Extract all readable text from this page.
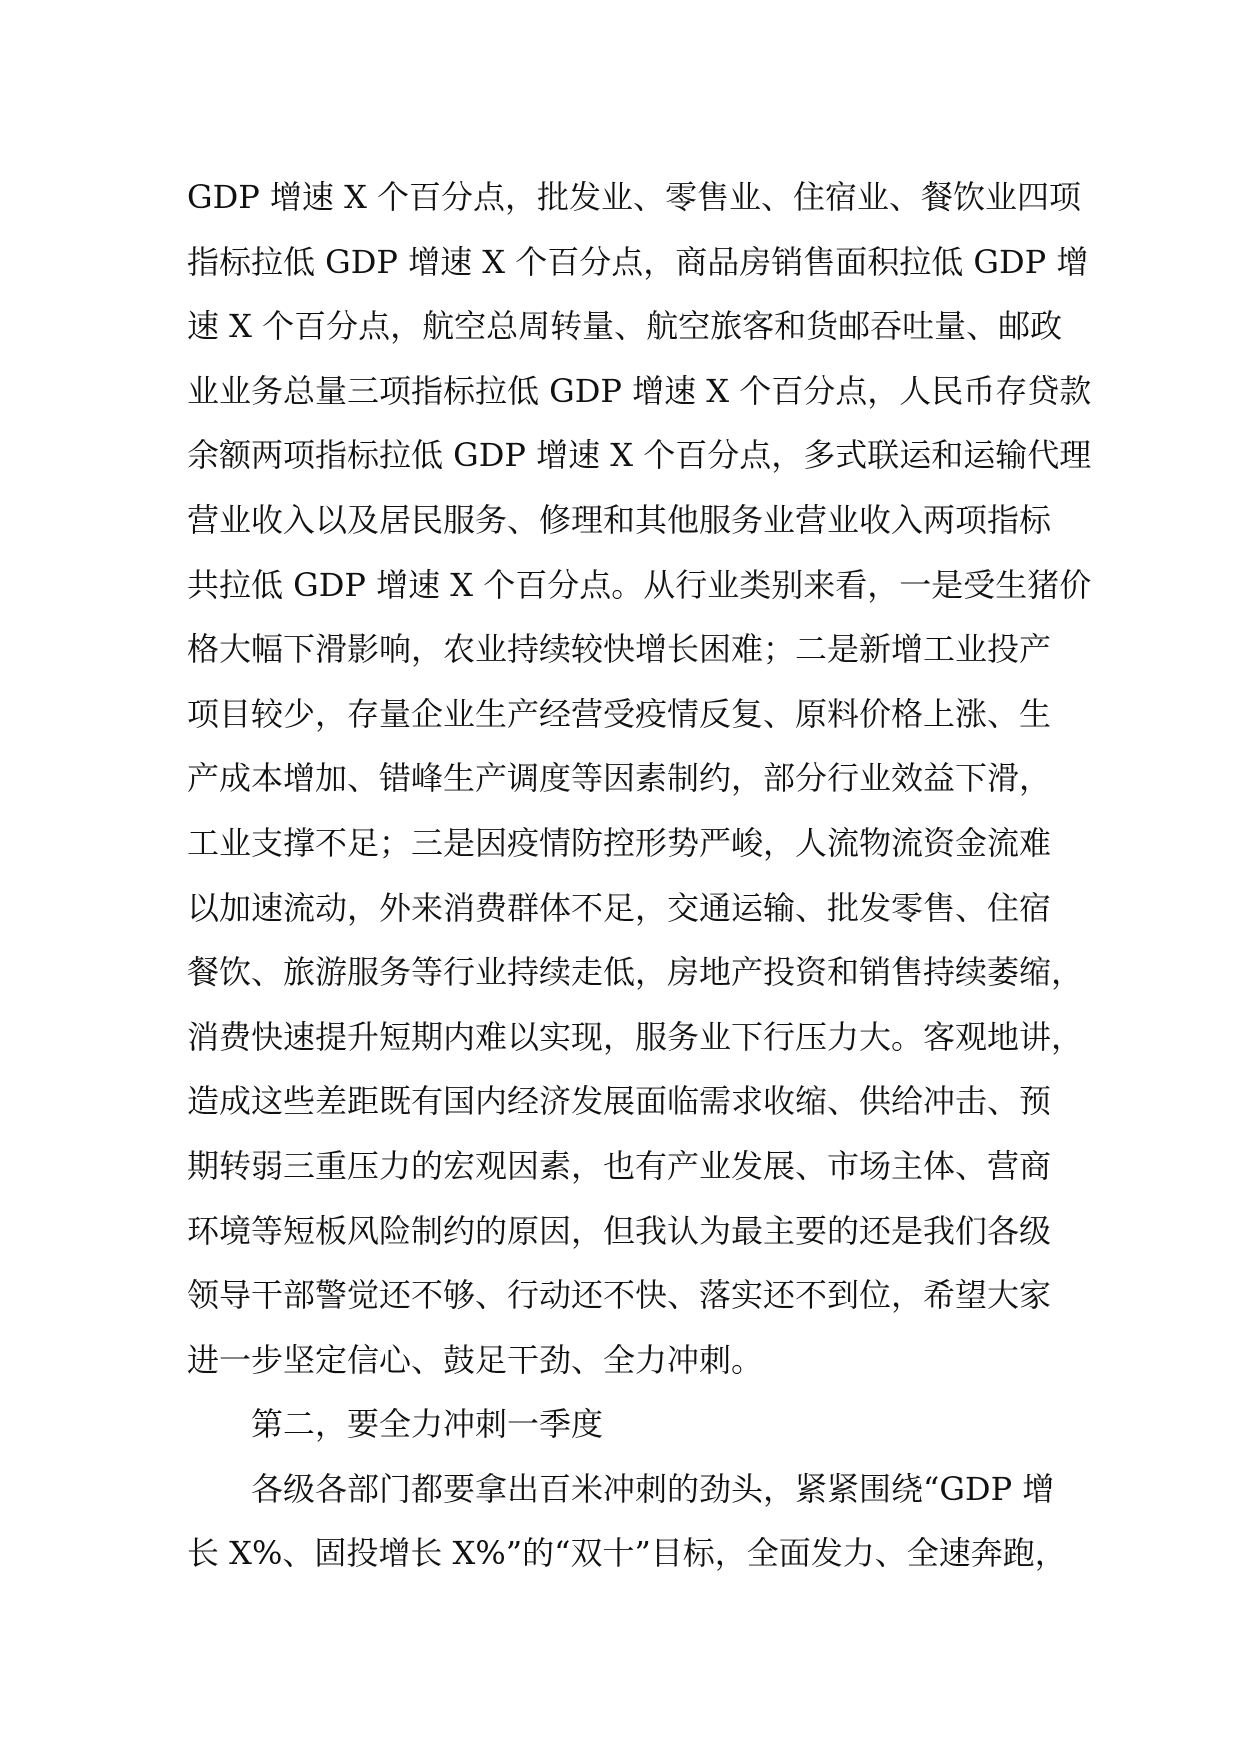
GDP 增速 X 个百分点，批发业、零售业、住宿业、餐饮业四项
指标拉低 GDP 增速 X 个百分点，商品房销售面积拉低 GDP 增
速 X 个百分点，航空总周转量、航空旅客和货邮吞吐量、邮政
业业务总量三项指标拉低 GDP 增速 X 个百分点，人民币存贷款
余额两项指标拉低 GDP 增速 X 个百分点，多式联运和运输代理
营业收入以及居民服务、修理和其他服务业营业收入两项指标
共拉低 GDP 增速 X 个百分点。从行业类别来看，一是受生猪价
格大幅下滑影响，农业持续较快增长困难；二是新增工业投产
项目较少，存量企业生产经营受疫情反复、原料价格上涨、生
产成本增加、错峰生产调度等因素制约，部分行业效益下滑，
工业支撑不足；三是因疫情防控形势严峻，人流物流资金流难
以加速流动，外来消费群体不足，交通运输、批发零售、住宿
餐饮、旅游服务等行业持续走低，房地产投资和销售持续萎缩，
消费快速提升短期内难以实现，服务业下行压力大。客观地讲，
造成这些差距既有国内经济发展面临需求收缩、供给冲击、预
期转弱三重压力的宏观因素，也有产业发展、市场主体、营商
环境等短板风险制约的原因，但我认为最主要的还是我们各级
领导干部警觉还不够、行动还不快、落实还不到位，希望大家
进一步坚定信心、鼓足干劲、全力冲刺。
第二，要全力冲刺一季度
各级各部门都要拿出百米冲刺的劲头，紧紧围绕“GDP 增
长 X%、固投增长 X%”的“双十”目标，全面发力、全速奔跑，
